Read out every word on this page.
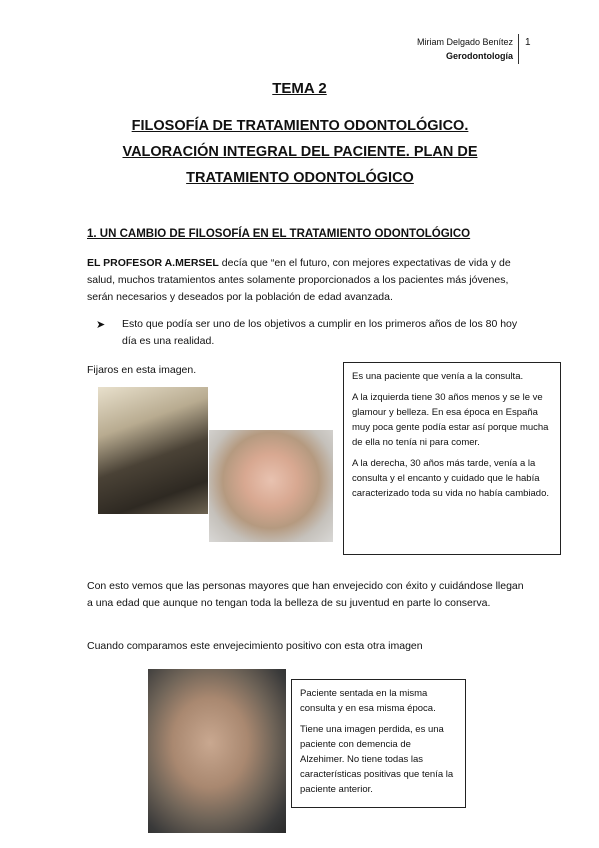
Miriam Delgado Benítez
Gerodontología
1
TEMA 2
FILOSOFÍA DE TRATAMIENTO ODONTOLÓGICO. VALORACIÓN INTEGRAL DEL PACIENTE. PLAN DE TRATAMIENTO ODONTOLÓGICO
1. UN CAMBIO DE FILOSOFÍA EN EL TRATAMIENTO ODONTOLÓGICO
EL PROFESOR A.MERSEL decía que “en el futuro, con mejores expectativas de vida y de salud, muchos tratamientos antes solamente proporcionados a los pacientes más jóvenes, serán necesarios y deseados por la población de edad avanzada.
➤ Esto que podía ser uno de los objetivos a cumplir en los primeros años de los 80 hoy día es una realidad.
Fijaros en esta imagen.

Es una paciente que venía a la consulta.

A la izquierda tiene 30 años menos y se le ve glamour y belleza. En esa época en España muy poca gente podía estar así porque mucha de ella no tenía ni para comer.

A la derecha, 30 años más tarde, venía a la consulta y el encanto y cuidado que le había caracterizado toda su vida no había cambiado.

Con esto vemos que las personas mayores que han envejecido con éxito y cuidándose llegan a una edad que aunque no tengan toda la belleza de su juventud en parte lo conserva.
Cuando comparamos este envejecimiento positivo con esta otra imagen

Paciente sentada en la misma consulta y en esa misma época.

Tiene una imagen perdida, es una paciente con demencia de Alzehimer. No tiene todas las características positivas que tenía la paciente anterior.
